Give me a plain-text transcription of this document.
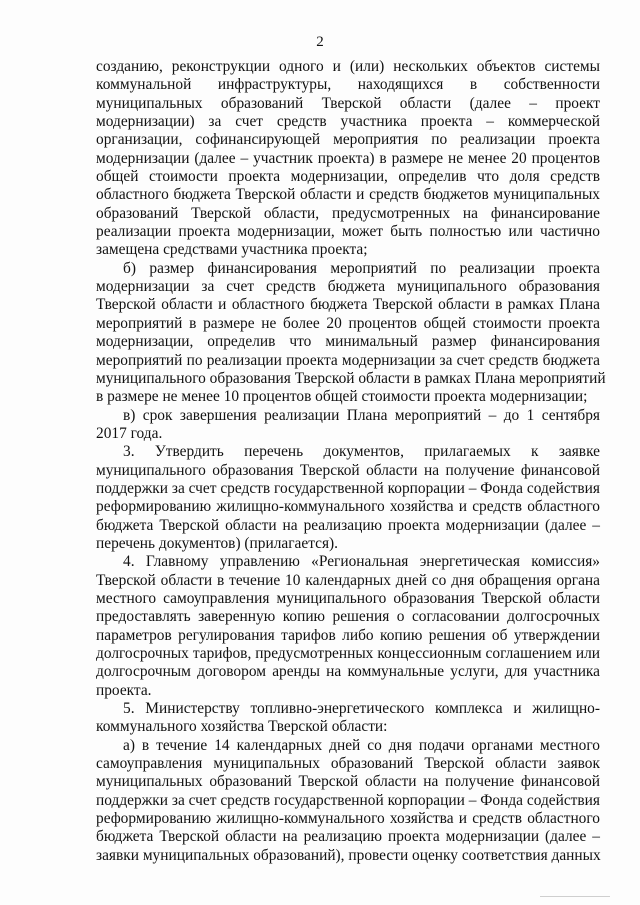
2
созданию, реконструкции одного и (или) нескольких объектов системы
коммунальной инфраструктуры, находящихся в собственности
муниципальных образований Тверской области (далее – проект
модернизации) за счет средств участника проекта – коммерческой
организации, софинансирующей мероприятия по реализации проекта
модернизации (далее – участник проекта) в размере не менее 20 процентов
общей стоимости проекта модернизации, определив что доля средств
областного бюджета Тверской области и средств бюджетов муниципальных
образований Тверской области, предусмотренных на финансирование
реализации проекта модернизации, может быть полностью или частично
замещена средствами участника проекта;
б) размер финансирования мероприятий по реализации проекта
модернизации за счет средств бюджета муниципального образования
Тверской области и областного бюджета Тверской области в рамках Плана
мероприятий в размере не более 20 процентов общей стоимости проекта
модернизации, определив что минимальный размер финансирования
мероприятий по реализации проекта модернизации за счет средств бюджета
муниципального образования Тверской области в рамках Плана мероприятий
в размере не менее 10 процентов общей стоимости проекта модернизации;
в) срок завершения реализации Плана мероприятий – до 1 сентября
2017 года.
3. Утвердить перечень документов, прилагаемых к заявке
муниципального образования Тверской области на получение финансовой
поддержки за счет средств государственной корпорации – Фонда содействия
реформированию жилищно-коммунального хозяйства и средств областного
бюджета Тверской области на реализацию проекта модернизации (далее –
перечень документов) (прилагается).
4. Главному управлению «Региональная энергетическая комиссия»
Тверской области в течение 10 календарных дней со дня обращения органа
местного самоуправления муниципального образования Тверской области
предоставлять заверенную копию решения о согласовании долгосрочных
параметров регулирования тарифов либо копию решения об утверждении
долгосрочных тарифов, предусмотренных концессионным соглашением или
долгосрочным договором аренды на коммунальные услуги, для участника
проекта.
5. Министерству топливно-энергетического комплекса и жилищно-
коммунального хозяйства Тверской области:
а) в течение 14 календарных дней со дня подачи органами местного
самоуправления муниципальных образований Тверской области заявок
муниципальных образований Тверской области на получение финансовой
поддержки за счет средств государственной корпорации – Фонда содействия
реформированию жилищно-коммунального хозяйства и средств областного
бюджета Тверской области на реализацию проекта модернизации (далее –
заявки муниципальных образований), провести оценку соответствия данных
